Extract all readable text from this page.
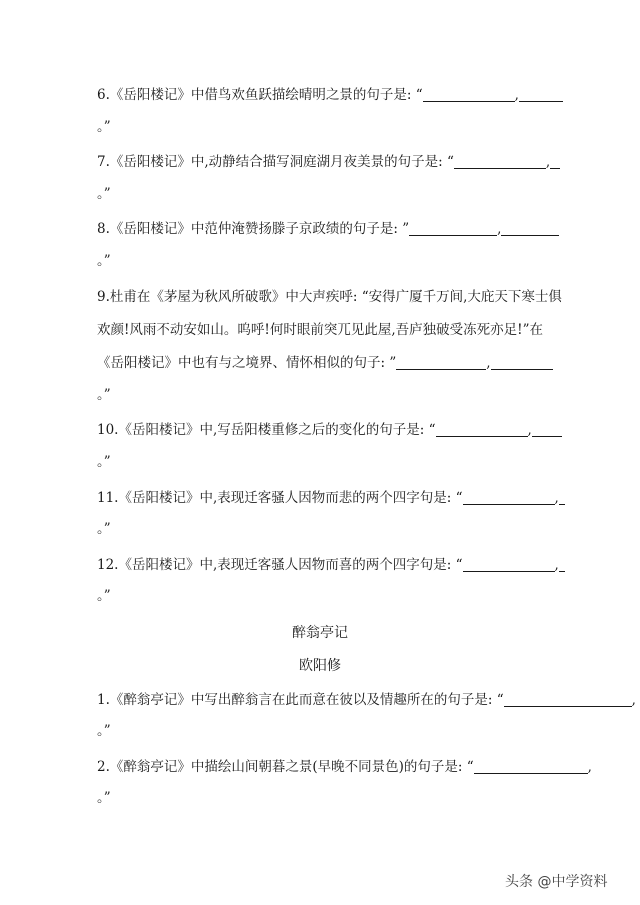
6.《岳阳楼记》中借鸟欢鱼跃描绘晴明之景的句子是: “	,
。”
7.《岳阳楼记》中,动静结合描写洞庭湖月夜美景的句子是: “	,
。”
8.《岳阳楼记》中范仲淹赞扬滕子京政绩的句子是: ”	,
。”
9.杜甫在《茅屋为秋风所破歌》中大声疾呼: “安得广厦千万间,大庇天下寒士俱
欢颜!风雨不动安如山。呜呼!何时眼前突兀见此屋,吾庐独破受冻死亦足!”在
《岳阳楼记》中也有与之境界、情怀相似的句子: ”	,
。”
10.《岳阳楼记》中,写岳阳楼重修之后的变化的句子是: “	,
。”
11.《岳阳楼记》中,表现迁客骚人因物而悲的两个四字句是: “	,
。”
12.《岳阳楼记》中,表现迁客骚人因物而喜的两个四字句是: “	,
。”
醉翁亭记
欧阳修
1.《醉翁亭记》中写出醉翁言在此而意在彼以及情趣所在的句子是: “	,
。”
2.《醉翁亭记》中描绘山间朝暮之景(早晚不同景色)的句子是: “	,
。”
头条 @中学资料
